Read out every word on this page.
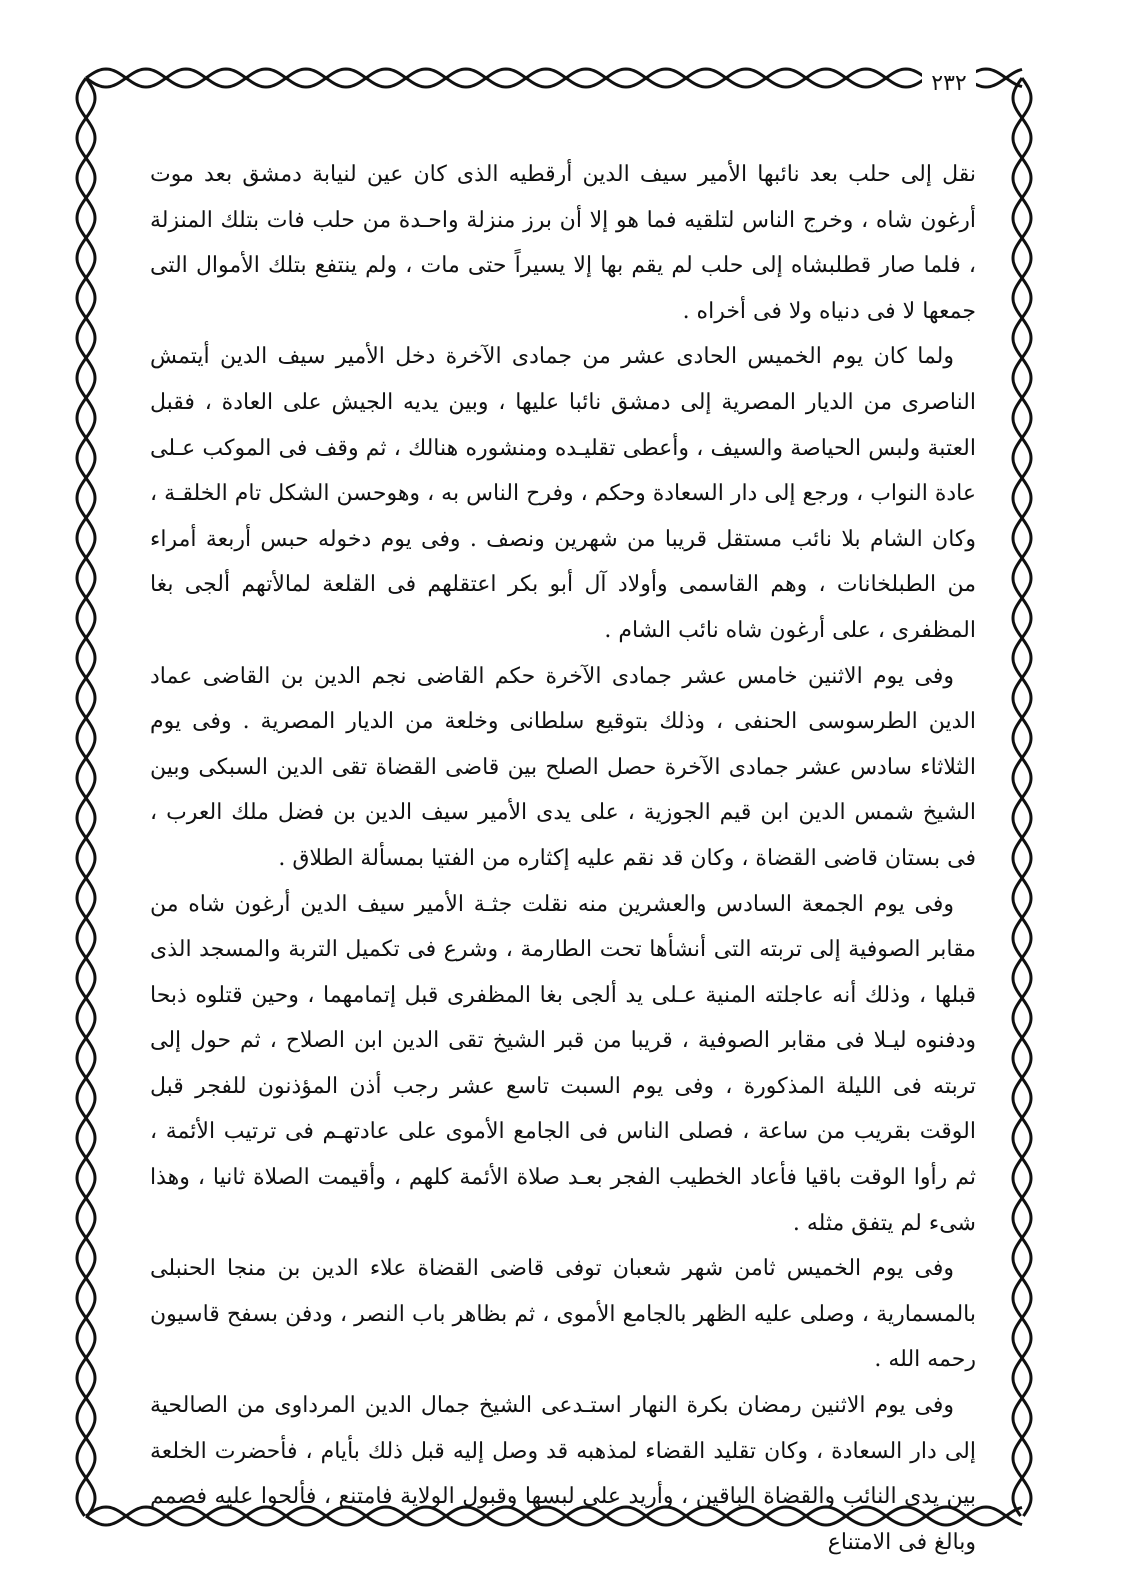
٢٣٢

نقل إلى حلب بعد نائبها الأمير سيف الدين أرقطيه الذى كان عين لنيابة دمشق بعد موت أرغون شاه ، وخرج الناس لتلقيه فما هو إلا أن برز منزلة واحـدة من حلب فات بتلك المنزلة ، فلما صار قطلبشاه إلى حلب لم يقم بها إلا يسيراً حتى مات ، ولم ينتفع بتلك الأموال التى جمعها لا فى دنياه ولا فى أخراه .

ولما كان يوم الخميس الحادى عشر من جمادى الآخرة دخل الأمير سيف الدين أيتمش الناصرى من الديار المصرية إلى دمشق نائبا عليها ، وبين يديه الجيش على العادة ، فقبل العتبة ولبس الحياصة والسيف ، وأعطى تقليـده ومنشوره هنالك ، ثم وقف فى الموكب عـلى عادة النواب ، ورجع إلى دار السعادة وحكم ، وفرح الناس به ، وهوحسن الشكل تام الخلقـة ، وكان الشام بلا نائب مستقل قريبا من شهرين ونصف . وفى يوم دخوله حبس أربعة أمراء من الطبلخانات ، وهم القاسمى وأولاد آل أبو بكر اعتقلهم فى القلعة لمالأتهم ألجى بغا المظفرى ، على أرغون شاه نائب الشام .

وفى يوم الاثنين خامس عشر جمادى الآخرة حكم القاضى نجم الدين بن القاضى عماد الدين الطرسوسى الحنفى ، وذلك بتوقيع سلطانى وخلعة من الديار المصرية . وفى يوم الثلاثاء سادس عشر جمادى الآخرة حصل الصلح بين قاضى القضاة تقى الدين السبكى وبين الشيخ شمس الدين ابن قيم الجوزية ، على يدى الأمير سيف الدين بن فضل ملك العرب ، فى بستان قاضى القضاة ، وكان قد نقم عليه إكثاره من الفتيا بمسألة الطلاق .

وفى يوم الجمعة السادس والعشرين منه نقلت جثـة الأمير سيف الدين أرغون شاه من مقابر الصوفية إلى تربته التى أنشأها تحت الطارمة ، وشرع فى تكميل التربة والمسجد الذى قبلها ، وذلك أنه عاجلته المنية عـلى يد ألجى بغا المظفرى قبل إتمامهما ، وحين قتلوه ذبحا ودفنوه ليـلا فى مقابر الصوفية ، قريبا من قبر الشيخ تقى الدين ابن الصلاح ، ثم حول إلى تربته فى الليلة المذكورة ، وفى يوم السبت تاسع عشر رجب أذن المؤذنون للفجر قبل الوقت بقريب من ساعة ، فصلى الناس فى الجامع الأموى على عادتهـم فى ترتيب الأئمة ، ثم رأوا الوقت باقيا فأعاد الخطيب الفجر بعـد صلاة الأئمة كلهم ، وأقيمت الصلاة ثانيا ، وهذا شىء لم يتفق مثله .

وفى يوم الخميس ثامن شهر شعبان توفى قاضى القضاة علاء الدين بن منجا الحنبلى بالمسمارية ، وصلى عليه الظهر بالجامع الأموى ، ثم بظاهر باب النصر ، ودفن بسفح قاسيون رحمه الله .

وفى يوم الاثنين رمضان بكرة النهار استـدعى الشيخ جمال الدين المرداوى من الصالحية إلى دار السعادة ، وكان تقليد القضاء لمذهبه قد وصل إليه قبل ذلك بأيام ، فأحضرت الخلعة بين يدى النائب والقضاة الباقين ، وأريد على لبسها وقبول الولاية فامتنع ، فألحوا عليه فصمم وبالغ فى الامتناع
